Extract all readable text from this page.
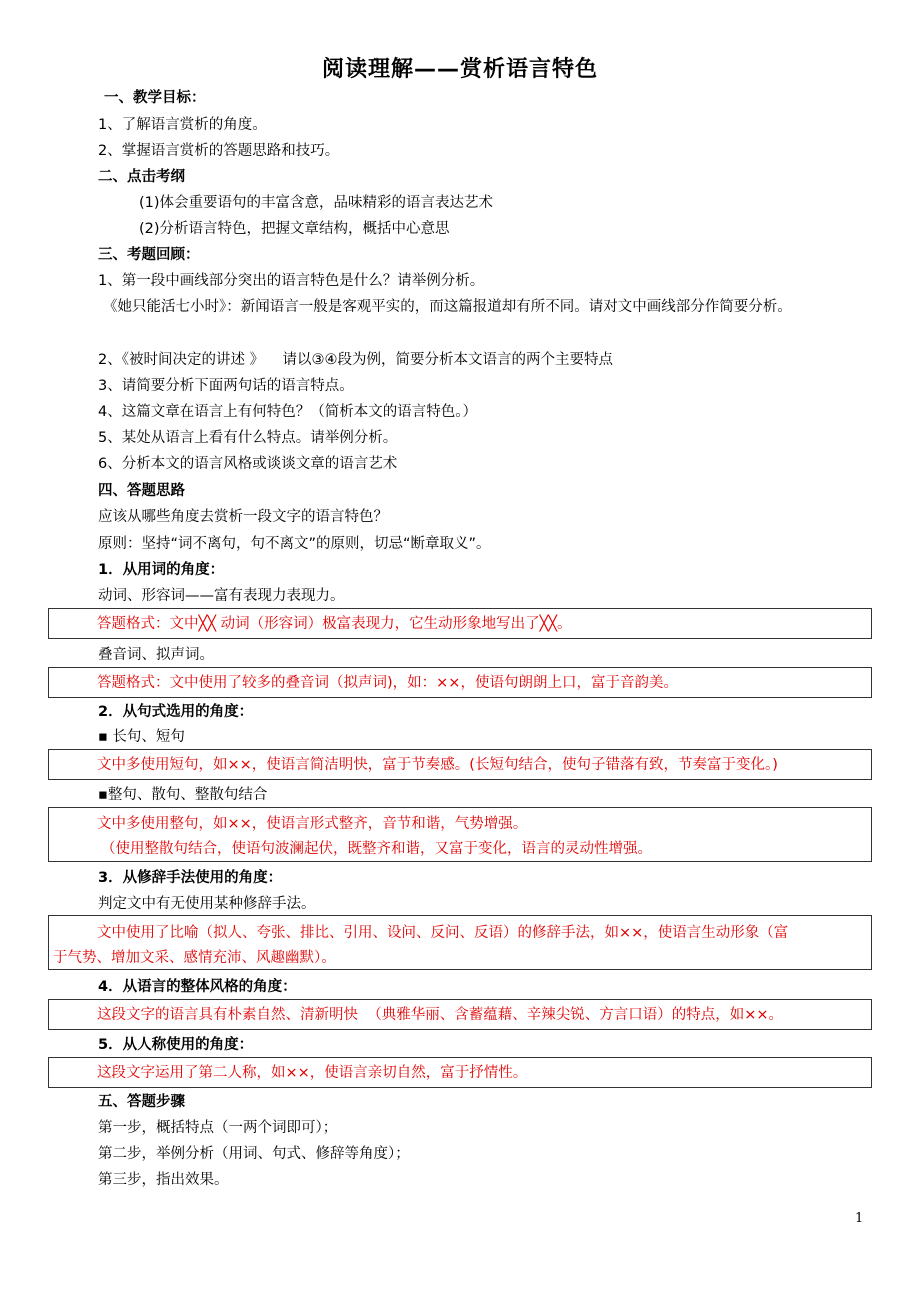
阅读理解——赏析语言特色
一、教学目标：
1、了解语言赏析的角度。
2、掌握语言赏析的答题思路和技巧。
二、点击考纲
(1)体会重要语句的丰富含意，品味精彩的语言表达艺术
(2)分析语言特色，把握文章结构，概括中心意思
三、考题回顾：
1、第一段中画线部分突出的语言特色是什么？请举例分析。
《她只能活七小时》：新闻语言一般是客观平实的，而这篇报道却有所不同。请对文中画线部分作简要分析。
2、《被时间决定的讲述 》    请以③④段为例，简要分析本文语言的两个主要特点
3、请简要分析下面两句话的语言特点。
4、这篇文章在语言上有何特色？（简析本文的语言特色。）
5、某处从语言上看有什么特点。请举例分析。
6、分析本文的语言风格或谈谈文章的语言艺术
四、答题思路
应该从哪些角度去赏析一段文字的语言特色？
原则：坚持“词不离句，句不离文”的原则，切忌“断章取义”。
1．从用词的角度：
动词、形容词——富有表现力表现力。
答题格式：文中╳╳ 动词（形容词）极富表现力，它生动形象地写出了╳╳。
叠音词、拟声词。
答题格式：文中使用了较多的叠音词（拟声词)，如：××，使语句朗朗上口，富于音韵美。
2．从句式选用的角度：
▪ 长句、短句
文中多使用短句，如××，使语言简洁明快，富于节奏感。(长短句结合，使句子错落有致，节奏富于变化。)
▪整句、散句、整散句结合
文中多使用整句，如××，使语言形式整齐，音节和谐，气势增强。
（使用整散句结合，使语句波澜起伏，既整齐和谐，又富于变化，语言的灵动性增强。
3．从修辞手法使用的角度：
判定文中有无使用某种修辞手法。
文中使用了比喻（拟人、夸张、排比、引用、设问、反问、反语）的修辞手法，如××，使语言生动形象（富
于气势、增加文采、感情充沛、风趣幽默）。
4．从语言的整体风格的角度：
这段文字的语言具有朴素自然、清新明快  （典雅华丽、含蓄蕴藉、辛辣尖锐、方言口语）的特点，如××。
5．从人称使用的角度：
这段文字运用了第二人称，如××，使语言亲切自然，富于抒情性。
五、答题步骤
第一步，概括特点（一两个词即可）；
第二步，举例分析（用词、句式、修辞等角度）；
第三步，指出效果。
1
